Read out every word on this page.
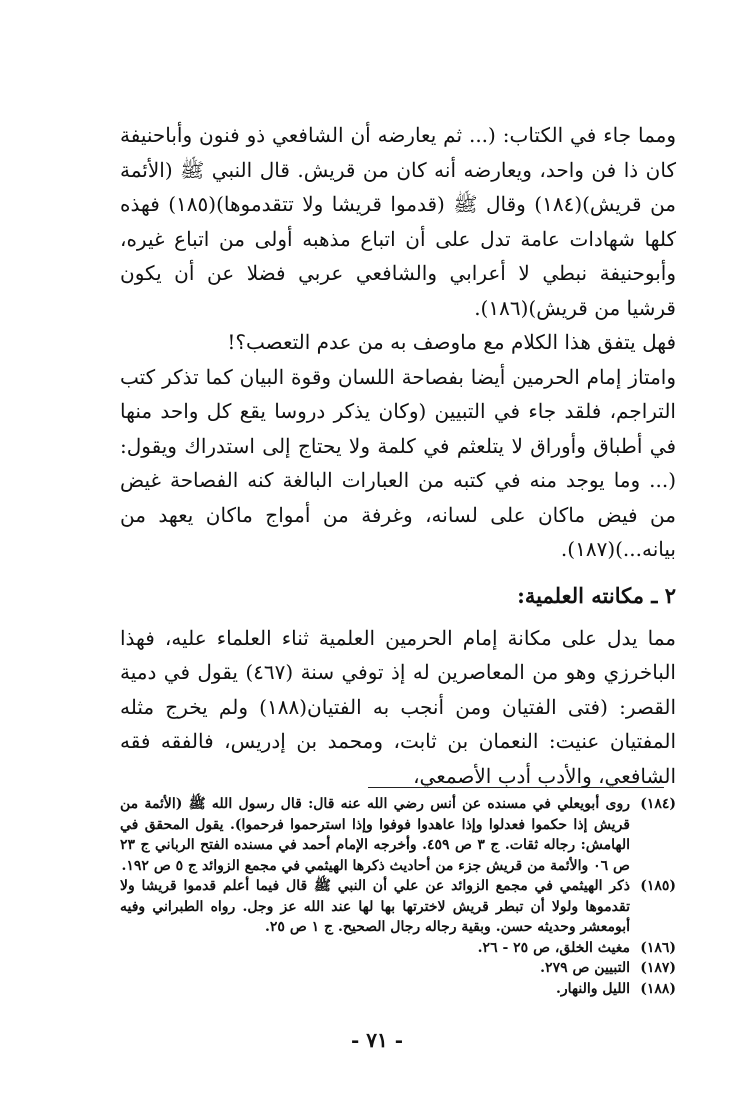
ومما جاء في الكتاب: (... ثم يعارضه أن الشافعي ذو فنون وأباحنيفة كان ذا فن واحد، ويعارضه أنه كان من قريش. قال النبي ﷺ (الأئمة من قريش)(١٨٤) وقال ﷺ (قدموا قريشا ولا تتقدموها)(١٨٥) فهذه كلها شهادات عامة تدل على أن اتباع مذهبه أولى من اتباع غيره، وأبوحنيفة نبطي لا أعرابي والشافعي عربي فضلا عن أن يكون قرشيا من قريش)(١٨٦).

فهل يتفق هذا الكلام مع ماوصف به من عدم التعصب؟!

وامتاز إمام الحرمين أيضا بفصاحة اللسان وقوة البيان كما تذكر كتب التراجم، فلقد جاء في التبيين (وكان يذكر دروسا يقع كل واحد منها في أطباق وأوراق لا يتلعثم في كلمة ولا يحتاج إلى استدراك ويقول: (... وما يوجد منه في كتبه من العبارات البالغة كنه الفصاحة غيض من فيض ماكان على لسانه، وغرفة من أمواج ماكان يعهد من بيانه...)(١٨٧).

٢ ـ مكانته العلمية:

مما يدل على مكانة إمام الحرمين العلمية ثناء العلماء عليه، فهذا الباخرزي وهو من المعاصرين له إذ توفي سنة (٤٦٧) يقول في دمية القصر: (فتى الفتيان ومن أنجب به الفتيان(١٨٨) ولم يخرج مثله المفتيان عنيت: النعمان بن ثابت، ومحمد بن إدريس، فالفقه فقه الشافعي، والأدب أدب الأصمعي،

(١٨٤)
روى أبويعلي في مسنده عن أنس رضي الله عنه قال: قال رسول الله ﷺ (الأئمة من قريش إذا حكموا فعدلوا وإذا عاهدوا فوفوا وإذا استرحموا فرحموا). يقول المحقق في الهامش: رجاله ثقات. ج ٣ ص ٤٥٩. وأخرجه الإمام أحمد في مسنده الفتح الرباني ج ٢٣ ص ٠٦ والأئمة من قريش جزء من أحاديث ذكرها الهيثمي في مجمع الزوائد ج ٥ ص ١٩٢.
(١٨٥)
ذكر الهيثمي في مجمع الزوائد عن علي أن النبي ﷺ قال فيما أعلم قدموا قريشا ولا تقدموها ولولا أن تبطر قريش لاخترتها بها لها عند الله عز وجل. رواه الطبراني وفيه أبومعشر وحديثه حسن. وبقية رجاله رجال الصحيح. ج ١ ص ٢٥.
(١٨٦)
مغيث الخلق، ص ٢٥ - ٢٦.
(١٨٧)
التبيين ص ٢٧٩.
(١٨٨)
الليل والنهار.
- ٧١ -
